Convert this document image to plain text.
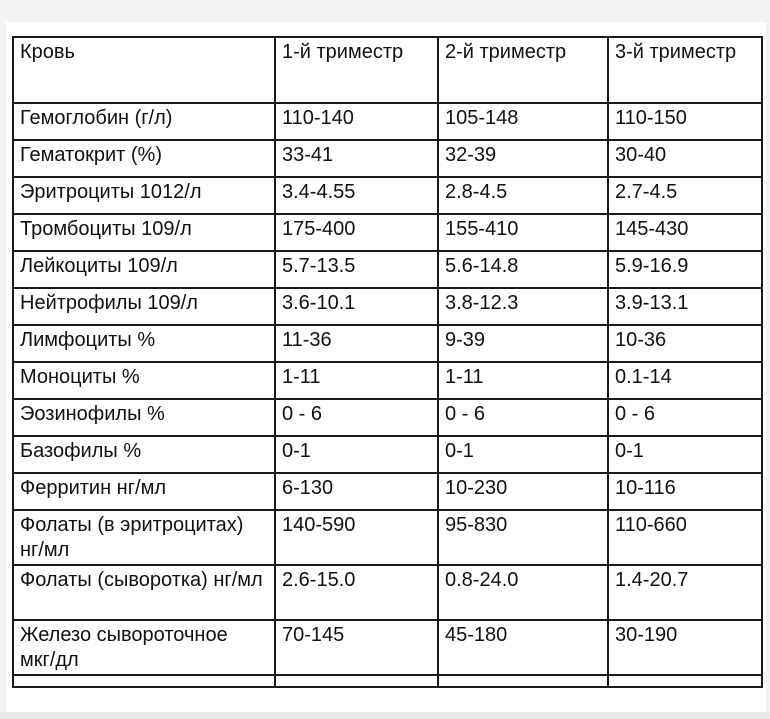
Кровь	1-й триместр	2-й триместр	3-й триместр
Гемоглобин (г/л)	110-140	105-148	110-150
Гематокрит (%)	33-41	32-39	30-40
Эритроциты 1012/л	3.4-4.55	2.8-4.5	2.7-4.5
Тромбоциты 109/л	175-400	155-410	145-430
Лейкоциты 109/л	5.7-13.5	5.6-14.8	5.9-16.9
Нейтрофилы 109/л	3.6-10.1	3.8-12.3	3.9-13.1
Лимфоциты %	11-36	9-39	10-36
Моноциты %	1-11	1-11	0.1-14
Эозинофилы %	0 - 6	0 - 6	0 - 6
Базофилы %	0-1	0-1	0-1
Ферритин нг/мл	6-130	10-230	10-116
Фолаты (в эритроцитах) нг/мл	140-590	95-830	110-660
Фолаты (сыворотка) нг/мл	2.6-15.0	0.8-24.0	1.4-20.7
Железо сывороточное мкг/дл	70-145	45-180	30-190
